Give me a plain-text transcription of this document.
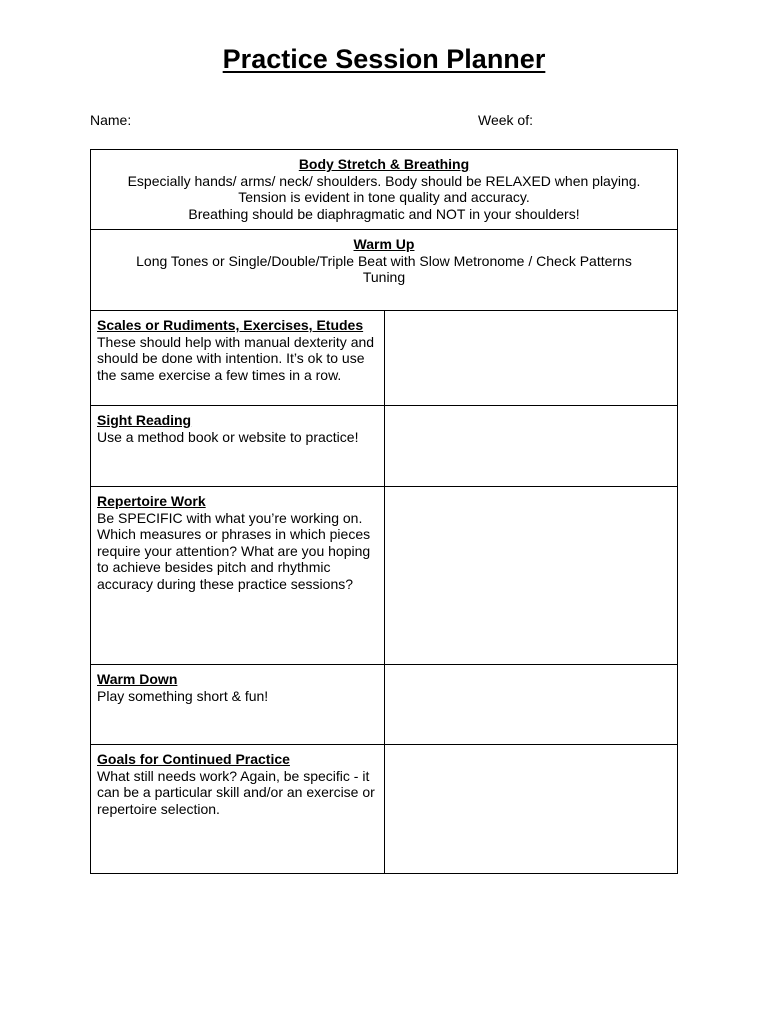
Practice Session Planner
Name:	Week of:
Body Stretch & Breathing
Especially hands/ arms/ neck/ shoulders. Body should be RELAXED when playing.
Tension is evident in tone quality and accuracy.
Breathing should be diaphragmatic and NOT in your shoulders!
Warm Up
Long Tones or Single/Double/Triple Beat with Slow Metronome / Check Patterns
Tuning
Scales or Rudiments, Exercises, Etudes
These should help with manual dexterity and
should be done with intention. It’s ok to use
the same exercise a few times in a row.
Sight Reading
Use a method book or website to practice!
Repertoire Work
Be SPECIFIC with what you’re working on.
Which measures or phrases in which pieces
require your attention? What are you hoping
to achieve besides pitch and rhythmic
accuracy during these practice sessions?
Warm Down
Play something short & fun!
Goals for Continued Practice
What still needs work? Again, be specific - it
can be a particular skill and/or an exercise or
repertoire selection.
